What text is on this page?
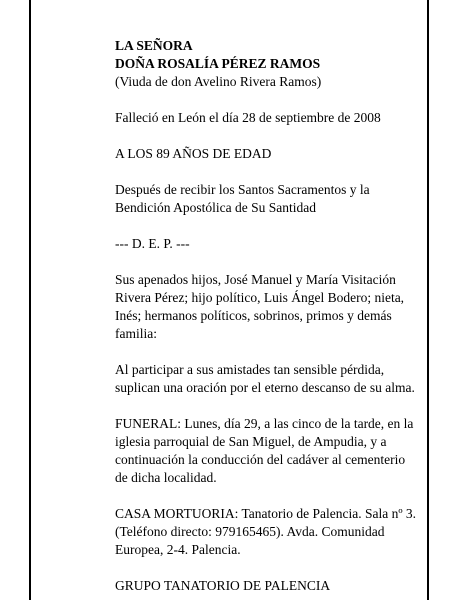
LA SEÑORA
DOÑA ROSALÍA PÉREZ RAMOS
(Viuda de don Avelino Rivera Ramos)
Falleció en León el día 28 de septiembre de 2008
A LOS 89 AÑOS DE EDAD
Después de recibir los Santos Sacramentos y la Bendición Apostólica de Su Santidad
--- D. E. P. ---
Sus apenados hijos, José Manuel y María Visitación Rivera Pérez; hijo político, Luis Ángel Bodero; nieta, Inés; hermanos políticos, sobrinos, primos y demás familia:
Al participar a sus amistades tan sensible pérdida, suplican una oración por el eterno descanso de su alma.
FUNERAL: Lunes, día 29, a las cinco de la tarde, en la iglesia parroquial de San Miguel, de Ampudia, y a continuación la conducción del cadáver al cementerio de dicha localidad.
CASA MORTUORIA: Tanatorio de Palencia. Sala nº 3. (Teléfono directo: 979165465). Avda. Comunidad Europea, 2-4. Palencia.
GRUPO TANATORIO DE PALENCIA
